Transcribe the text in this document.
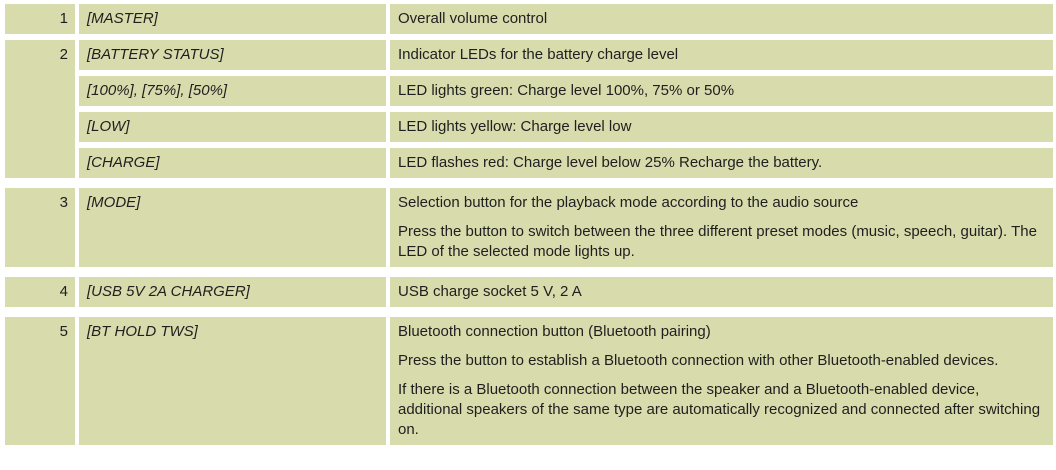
1	[MASTER]	Overall volume control

2	[BATTERY STATUS]	Indicator LEDs for the battery charge level

[100%], [75%], [50%]	LED lights green: Charge level 100%, 75% or 50%

[LOW]	LED lights yellow: Charge level low

[CHARGE]	LED flashes red: Charge level below 25% Recharge the battery.

3	[MODE]	Selection button for the playback mode according to the audio source

Press the button to switch between the three different preset modes (music, speech, guitar). The LED of the selected mode lights up.

4	[USB 5V 2A CHARGER]	USB charge socket 5 V, 2 A

5	[BT HOLD TWS]	Bluetooth connection button (Bluetooth pairing)

Press the button to establish a Bluetooth connection with other Bluetooth-enabled devices.

If there is a Bluetooth connection between the speaker and a Bluetooth-enabled device, additional speakers of the same type are automatically recognized and connected after switching on.
